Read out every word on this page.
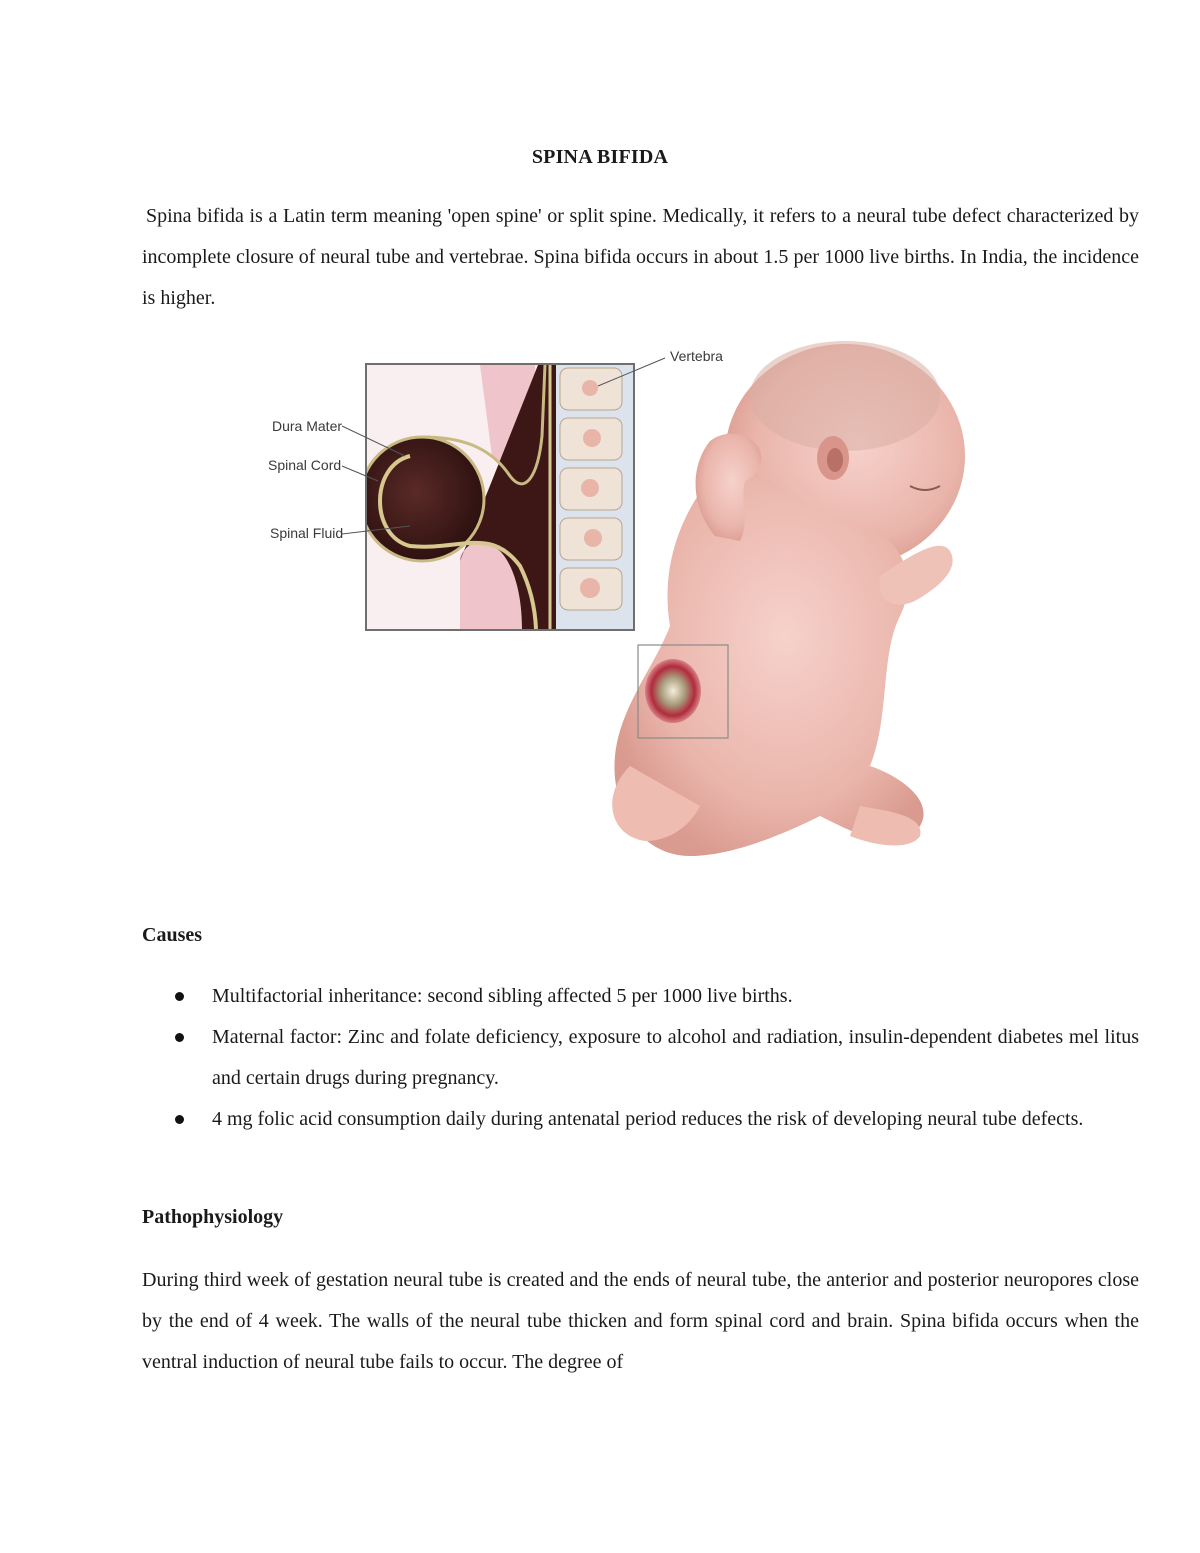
SPINA BIFIDA

Spina bifida is a Latin term meaning 'open spine' or split spine. Medically, it refers to a neural tube defect characterized by incomplete closure of neural tube and vertebrae. Spina bifida occurs in about 1.5 per 1000 live births. In India, the incidence is higher.

Vertebra
Dura Mater
Spinal Cord
Spinal Fluid
Causes
Multifactorial inheritance: second sibling affected 5 per 1000 live births.
Maternal factor: Zinc and folate deficiency, exposure to alcohol and radiation, insulin-dependent diabetes mel litus and certain drugs during pregnancy.
4 mg folic acid consumption daily during antenatal period reduces the risk of developing neural tube defects.
Pathophysiology

During third week of gestation neural tube is created and the ends of neural tube, the anterior and posterior neuropores close by the end of 4 week. The walls of the neural tube thicken and form spinal cord and brain. Spina bifida occurs when the ventral induction of neural tube fails to occur. The degree of
